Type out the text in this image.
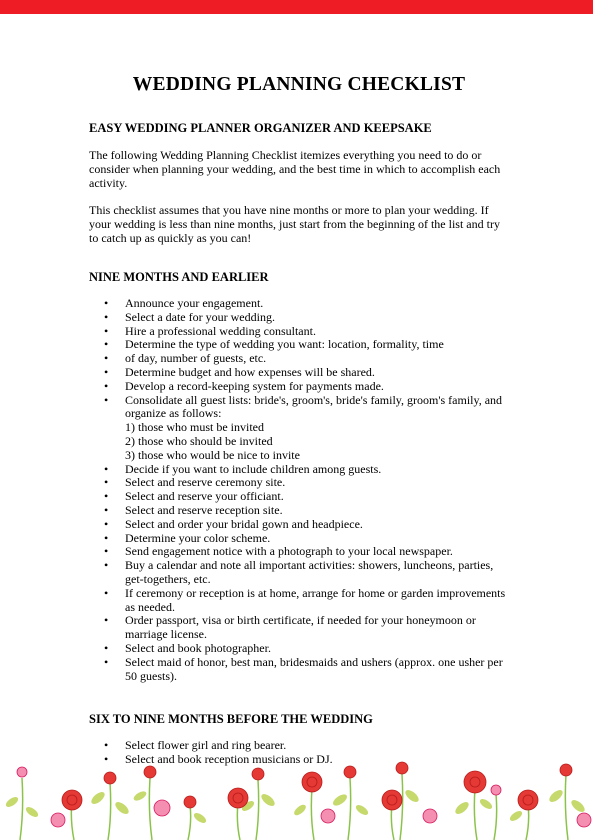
WEDDING PLANNING CHECKLIST

EASY WEDDING PLANNER ORGANIZER AND KEEPSAKE

The following Wedding Planning Checklist itemizes everything you need to do or consider when planning your wedding, and the best time in which to accomplish each activity.

This checklist assumes that you have nine months or more to plan your wedding. If your wedding is less than nine months, just start from the beginning of the list and try to catch up as quickly as you can!

NINE MONTHS AND EARLIER
• Announce your engagement.
• Select a date for your wedding.
• Hire a professional wedding consultant.
• Determine the type of wedding you want: location, formality, time
• of day, number of guests, etc.
• Determine budget and how expenses will be shared.
• Develop a record-keeping system for payments made.
• Consolidate all guest lists: bride's, groom's, bride's family, groom's family, and organize as follows:
1) those who must be invited
2) those who should be invited
3) those who would be nice to invite
• Decide if you want to include children among guests.
• Select and reserve ceremony site.
• Select and reserve your officiant.
• Select and reserve reception site.
• Select and order your bridal gown and headpiece.
• Determine your color scheme.
• Send engagement notice with a photograph to your local newspaper.
• Buy a calendar and note all important activities: showers, luncheons, parties, get-togethers, etc.
• If ceremony or reception is at home, arrange for home or garden improvements as needed.
• Order passport, visa or birth certificate, if needed for your honeymoon or marriage license.
• Select and book photographer.
• Select maid of honor, best man, bridesmaids and ushers (approx. one usher per 50 guests).
SIX TO NINE MONTHS BEFORE THE WEDDING
• Select flower girl and ring bearer.
• Select and book reception musicians or DJ.
